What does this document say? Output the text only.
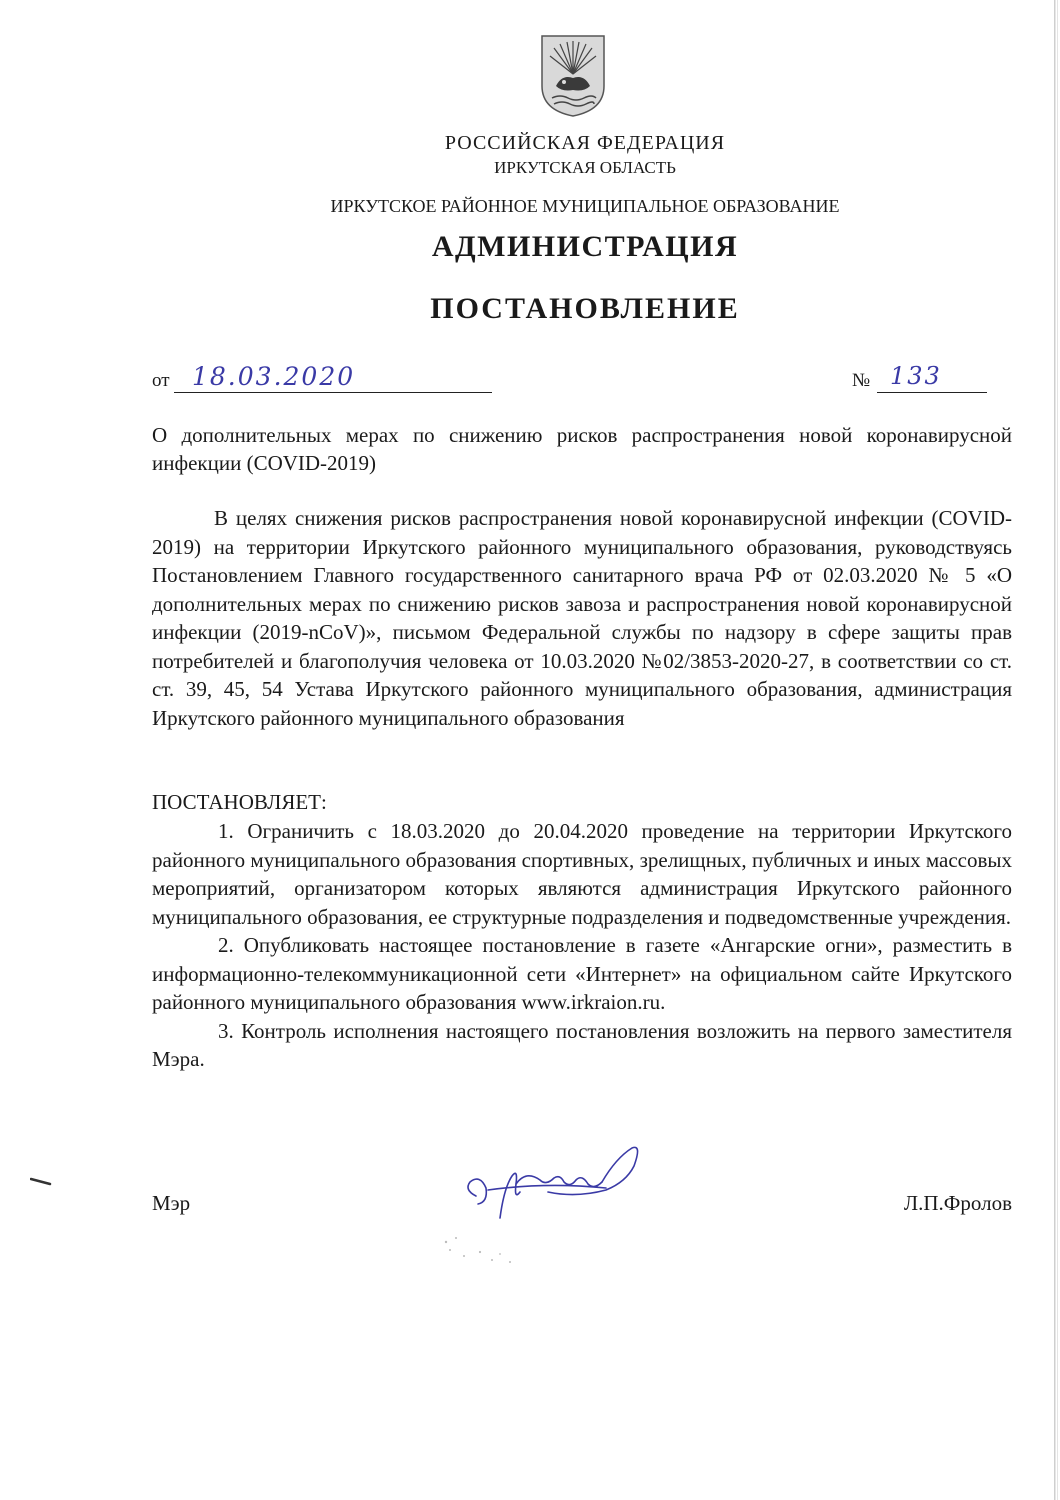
РОССИЙСКАЯ ФЕДЕРАЦИЯ
ИРКУТСКАЯ ОБЛАСТЬ
ИРКУТСКОЕ РАЙОННОЕ МУНИЦИПАЛЬНОЕ ОБРАЗОВАНИЕ
АДМИНИСТРАЦИЯ
ПОСТАНОВЛЕНИЕ
от 18.03.2020	№ 133
О дополнительных мерах по снижению рисков распространения новой коронавирусной инфекции (COVID-2019)
В целях снижения рисков распространения новой коронавирусной инфекции (COVID-2019) на территории Иркутского районного муниципального образования, руководствуясь Постановлением Главного государственного санитарного врача РФ от 02.03.2020 № 5 «О дополнительных мерах по снижению рисков завоза и распространения новой коронавирусной инфекции (2019-nCoV)», письмом Федеральной службы по надзору в сфере защиты прав потребителей и благополучия человека от 10.03.2020 №02/3853-2020-27, в соответствии со ст. ст. 39, 45, 54 Устава Иркутского районного муниципального образования, администрация Иркутского районного муниципального образования
ПОСТАНОВЛЯЕТ:

1. Ограничить с 18.03.2020 до 20.04.2020 проведение на территории Иркутского районного муниципального образования спортивных, зрелищных, публичных и иных массовых мероприятий, организатором которых являются администрация Иркутского районного муниципального образования, ее структурные подразделения и подведомственные учреждения.

2. Опубликовать настоящее постановление в газете «Ангарские огни», разместить в информационно-телекоммуникационной сети «Интернет» на официальном сайте Иркутского районного муниципального образования www.irkraion.ru.

3. Контроль исполнения настоящего постановления возложить на первого заместителя Мэра.

Мэр	Л.П.Фролов
